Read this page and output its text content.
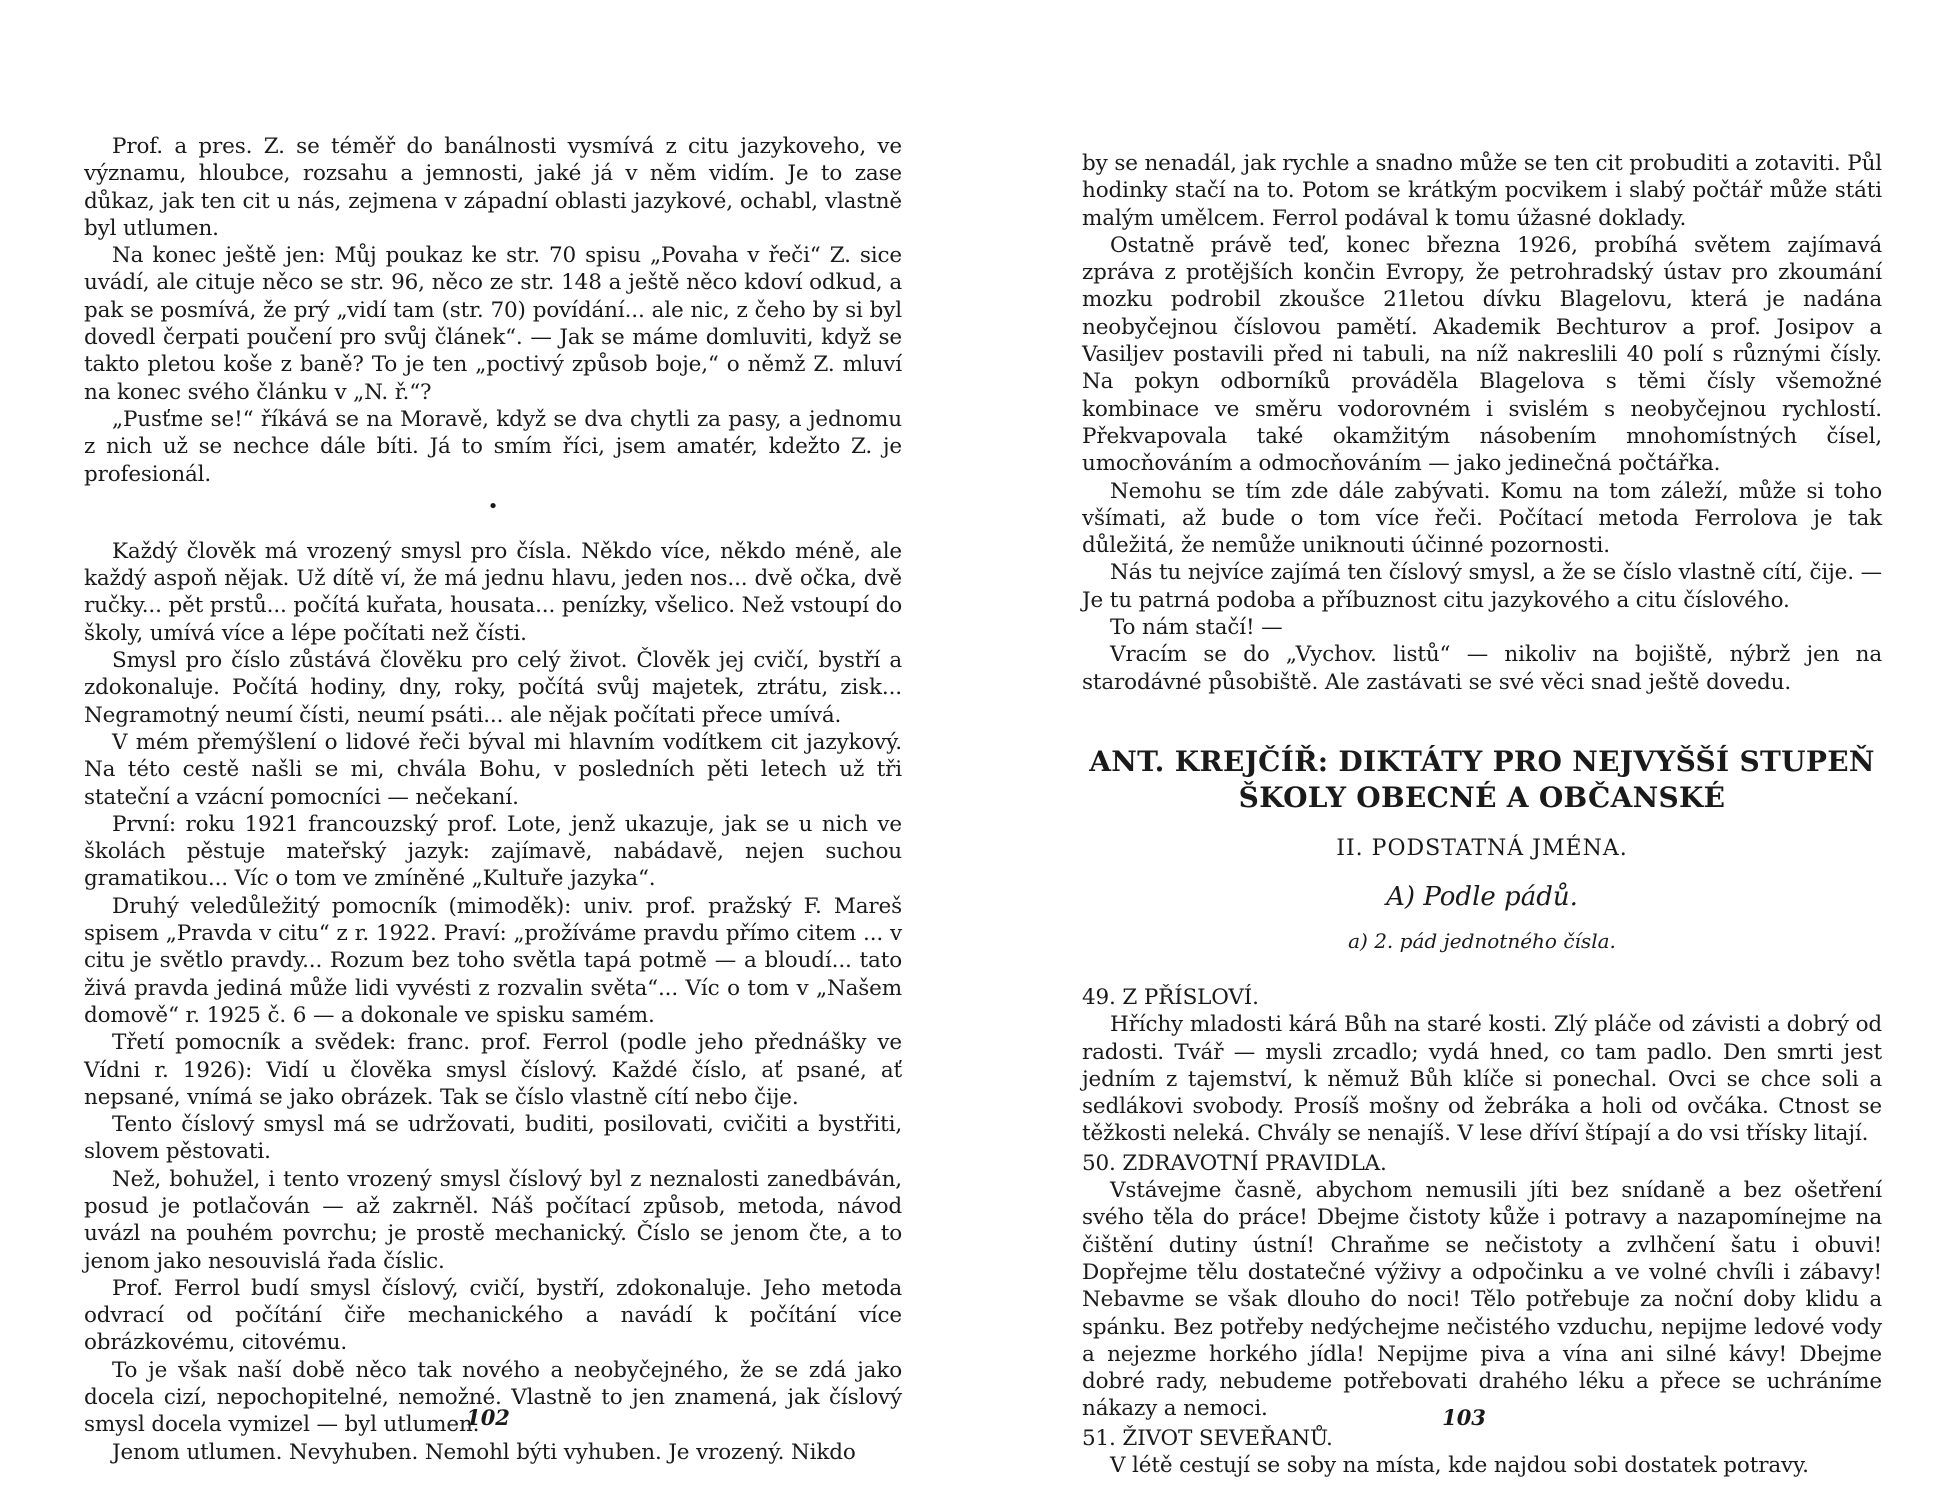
Prof. a pres. Z. se téměř do banálnosti vysmívá z citu jazykoveho, ve významu, hloubce, rozsahu a jemnosti, jaké já v něm vidím. Je to zase důkaz, jak ten cit u nás, zejmena v západní oblasti jazykové, ochabl, vlastně byl utlumen.

Na konec ještě jen: Můj poukaz ke str. 70 spisu „Povaha v řeči“ Z. sice uvádí, ale cituje něco se str. 96, něco ze str. 148 a ještě něco kdoví odkud, a pak se posmívá, že prý „vidí tam (str. 70) povídání... ale nic, z čeho by si byl dovedl čerpati poučení pro svůj článek“. — Jak se máme domluviti, když se takto pletou koše z baně? To je ten „poctivý způsob boje,“ o němž Z. mluví na konec svého článku v „N. ř.“?

„Pusťme se!“ říkává se na Moravě, když se dva chytli za pasy, a jednomu z nich už se nechce dále bíti. Já to smím říci, jsem amatér, kdežto Z. je profesionál.

•

Každý člověk má vrozený smysl pro čísla. Někdo více, někdo méně, ale každý aspoň nějak. Už dítě ví, že má jednu hlavu, jeden nos... dvě očka, dvě ručky... pět prstů... počítá kuřata, housata... penízky, všelico. Než vstoupí do školy, umívá více a lépe počítati než čísti.

Smysl pro číslo zůstává člověku pro celý život. Člověk jej cvičí, bystří a zdokonaluje. Počítá hodiny, dny, roky, počítá svůj majetek, ztrátu, zisk... Negramotný neumí čísti, neumí psáti... ale nějak počítati přece umívá.

V mém přemýšlení o lidové řeči býval mi hlavním vodítkem cit jazykový. Na této cestě našli se mi, chvála Bohu, v posledních pěti letech už tři stateční a vzácní pomocníci — nečekaní.

První: roku 1921 francouzský prof. Lote, jenž ukazuje, jak se u nich ve školách pěstuje mateřský jazyk: zajímavě, nabádavě, nejen suchou gramatikou... Víc o tom ve zmíněné „Kultuře jazyka“.

Druhý veledůležitý pomocník (mimoděk): univ. prof. pražský F. Mareš spisem „Pravda v citu“ z r. 1922. Praví: „prožíváme pravdu přímo citem ... v citu je světlo pravdy... Rozum bez toho světla tapá potmě — a bloudí... tato živá pravda jediná může lidi vyvésti z rozvalin světa“... Víc o tom v „Našem domově“ r. 1925 č. 6 — a dokonale ve spisku samém.

Třetí pomocník a svědek: franc. prof. Ferrol (podle jeho přednášky ve Vídni r. 1926): Vidí u člověka smysl číslový. Každé číslo, ať psané, ať nepsané, vnímá se jako obrázek. Tak se číslo vlastně cítí nebo čije.

Tento číslový smysl má se udržovati, buditi, posilovati, cvičiti a bystřiti, slovem pěstovati.

Než, bohužel, i tento vrozený smysl číslový byl z neznalosti zanedbáván, posud je potlačován — až zakrněl. Náš počítací způsob, metoda, návod uvázl na pouhém povrchu; je prostě mechanický. Číslo se jenom čte, a to jenom jako nesouvislá řada číslic.

Prof. Ferrol budí smysl číslový, cvičí, bystří, zdokonaluje. Jeho metoda odvrací od počítání čiře mechanického a navádí k počítání více obrázkovému, citovému.

To je však naší době něco tak nového a neobyčejného, že se zdá jako docela cizí, nepochopitelné, nemožné. Vlastně to jen znamená, jak číslový smysl docela vymizel — byl utlumen.

Jenom utlumen. Nevyhuben. Nemohl býti vyhuben. Je vrozený. Nikdo

102

by se nenadál, jak rychle a snadno může se ten cit probuditi a zotaviti. Půl hodinky stačí na to. Potom se krátkým pocvikem i slabý počtář může státi malým umělcem. Ferrol podával k tomu úžasné doklady.

Ostatně právě teď, konec března 1926, probíhá světem zajímavá zpráva z protějších končin Evropy, že petrohradský ústav pro zkoumání mozku podrobil zkoušce 21letou dívku Blagelovu, která je nadána neobyčejnou číslovou pamětí. Akademik Bechturov a prof. Josipov a Vasiljev postavili před ni tabuli, na níž nakreslili 40 polí s různými čísly. Na pokyn odborníků prováděla Blagelova s těmi čísly všemožné kombinace ve směru vodorovném i svislém s neobyčejnou rychlostí. Překvapovala také okamžitým násobením mnohomístných čísel, umocňováním a odmocňováním — jako jedinečná počtářka.

Nemohu se tím zde dále zabývati. Komu na tom záleží, může si toho všímati, až bude o tom více řeči. Počítací metoda Ferrolova je tak důležitá, že nemůže uniknouti účinné pozornosti.

Nás tu nejvíce zajímá ten číslový smysl, a že se číslo vlastně cítí, čije. — Je tu patrná podoba a příbuznost citu jazykového a citu číslového.

To nám stačí! —

Vracím se do „Vychov. listů“ — nikoliv na bojiště, nýbrž jen na starodávné působiště. Ale zastávati se své věci snad ještě dovedu.

ANT. KREJČÍŘ: DIKTÁTY PRO NEJVYŠŠÍ STUPEŇ
ŠKOLY OBECNÉ A OBČANSKÉ
II. PODSTATNÁ JMÉNA.
A) Podle pádů.
a) 2. pád jednotného čísla.

49. Z PŘÍSLOVÍ.

Hříchy mladosti kárá Bůh na staré kosti. Zlý pláče od závisti a dobrý od radosti. Tvář — mysli zrcadlo; vydá hned, co tam padlo. Den smrti jest jedním z tajemství, k němuž Bůh klíče si ponechal. Ovci se chce soli a sedlákovi svobody. Prosíš mošny od žebráka a holi od ovčáka. Ctnost se těžkosti neleká. Chvály se nenajíš. V lese dříví štípají a do vsi třísky litají.

50. ZDRAVOTNÍ PRAVIDLA.

Vstávejme časně, abychom nemusili jíti bez snídaně a bez ošetření svého těla do práce! Dbejme čistoty kůže i potravy a nazapomínejme na čištění dutiny ústní! Chraňme se nečistoty a zvlhčení šatu i obuvi! Dopřejme tělu dostatečné výživy a odpočinku a ve volné chvíli i zábavy! Nebavme se však dlouho do noci! Tělo potřebuje za noční doby klidu a spánku. Bez potřeby nedýchejme nečistého vzduchu, nepijme ledové vody a nejezme horkého jídla! Nepijme piva a vína ani silné kávy! Dbejme dobré rady, nebudeme potřebovati drahého léku a přece se uchráníme nákazy a nemoci.

51. ŽIVOT SEVEŘANŮ.

V létě cestují se soby na místa, kde najdou sobi dostatek potravy.

103
